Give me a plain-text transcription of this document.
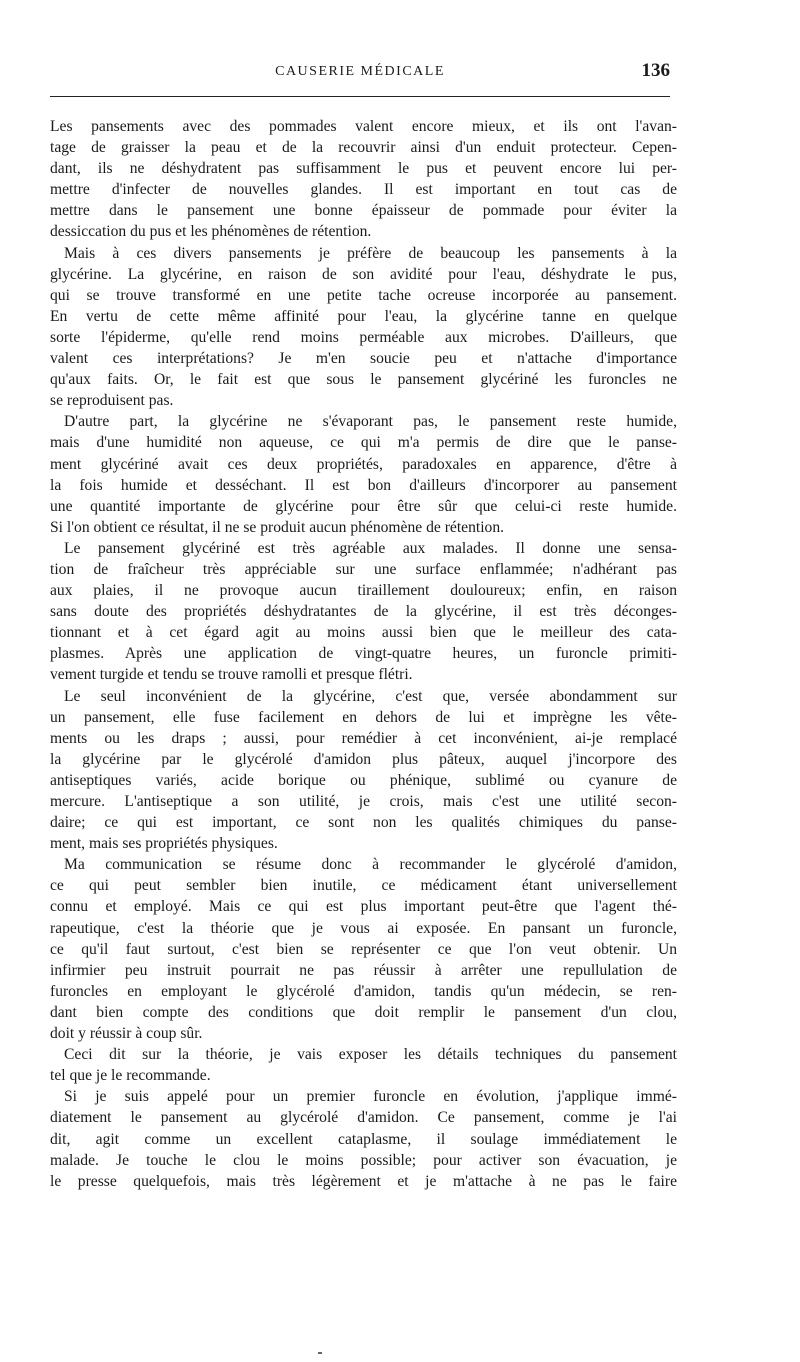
CAUSERIE MÉDICALE	136
Les pansements avec des pommades valent encore mieux, et ils ont l'avan-
tage de graisser la peau et de la recouvrir ainsi d'un enduit protecteur. Cepen-
dant, ils ne déshydratent pas suffisamment le pus et peuvent encore lui per-
mettre d'infecter de nouvelles glandes. Il est important en tout cas de
mettre dans le pansement une bonne épaisseur de pommade pour éviter la
dessiccation du pus et les phénomènes de rétention.
Mais à ces divers pansements je préfère de beaucoup les pansements à la
glycérine. La glycérine, en raison de son avidité pour l'eau, déshydrate le pus,
qui se trouve transformé en une petite tache ocreuse incorporée au pansement.
En vertu de cette même affinité pour l'eau, la glycérine tanne en quelque
sorte l'épiderme, qu'elle rend moins perméable aux microbes. D'ailleurs, que
valent ces interprétations? Je m'en soucie peu et n'attache d'importance
qu'aux faits. Or, le fait est que sous le pansement glycériné les furoncles ne
se reproduisent pas.
D'autre part, la glycérine ne s'évaporant pas, le pansement reste humide,
mais d'une humidité non aqueuse, ce qui m'a permis de dire que le panse-
ment glycériné avait ces deux propriétés, paradoxales en apparence, d'être à
la fois humide et desséchant. Il est bon d'ailleurs d'incorporer au pansement
une quantité importante de glycérine pour être sûr que celui-ci reste humide.
Si l'on obtient ce résultat, il ne se produit aucun phénomène de rétention.
Le pansement glycériné est très agréable aux malades. Il donne une sensa-
tion de fraîcheur très appréciable sur une surface enflammée; n'adhérant pas
aux plaies, il ne provoque aucun tiraillement douloureux; enfin, en raison
sans doute des propriétés déshydratantes de la glycérine, il est très déconges-
tionnant et à cet égard agit au moins aussi bien que le meilleur des cata-
plasmes. Après une application de vingt-quatre heures, un furoncle primiti-
vement turgide et tendu se trouve ramolli et presque flétri.
Le seul inconvénient de la glycérine, c'est que, versée abondamment sur
un pansement, elle fuse facilement en dehors de lui et imprègne les vête-
ments ou les draps ; aussi, pour remédier à cet inconvénient, ai-je remplacé
la glycérine par le glycérolé d'amidon plus pâteux, auquel j'incorpore des
antiseptiques variés, acide borique ou phénique, sublimé ou cyanure de
mercure. L'antiseptique a son utilité, je crois, mais c'est une utilité secon-
daire; ce qui est important, ce sont non les qualités chimiques du panse-
ment, mais ses propriétés physiques.
Ma communication se résume donc à recommander le glycérolé d'amidon,
ce qui peut sembler bien inutile, ce médicament étant universellement
connu et employé. Mais ce qui est plus important peut-être que l'agent thé-
rapeutique, c'est la théorie que je vous ai exposée. En pansant un furoncle,
ce qu'il faut surtout, c'est bien se représenter ce que l'on veut obtenir. Un
infirmier peu instruit pourrait ne pas réussir à arrêter une repullulation de
furoncles en employant le glycérolé d'amidon, tandis qu'un médecin, se ren-
dant bien compte des conditions que doit remplir le pansement d'un clou,
doit y réussir à coup sûr.
Ceci dit sur la théorie, je vais exposer les détails techniques du pansement
tel que je le recommande.
Si je suis appelé pour un premier furoncle en évolution, j'applique immé-
diatement le pansement au glycérolé d'amidon. Ce pansement, comme je l'ai
dit, agit comme un excellent cataplasme, il soulage immédiatement le
malade. Je touche le clou le moins possible; pour activer son évacuation, je
le presse quelquefois, mais très légèrement et je m'attache à ne pas le faire
